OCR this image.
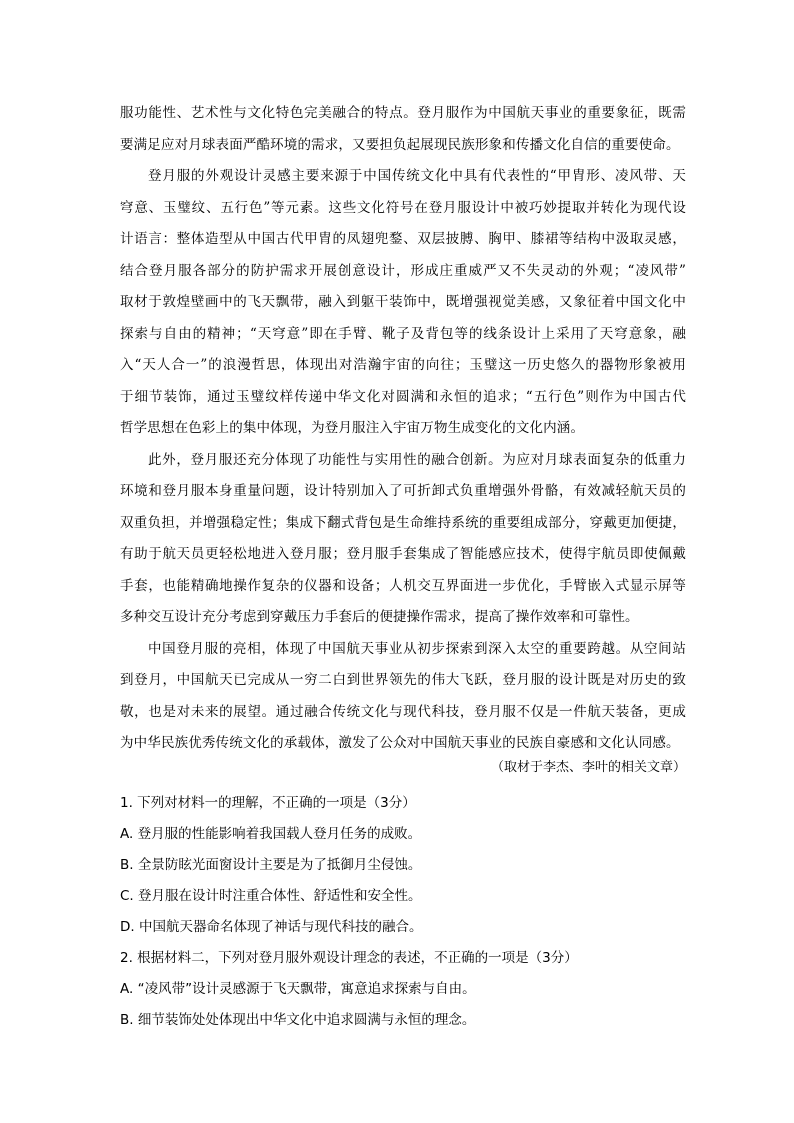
服功能性、艺术性与文化特色完美融合的特点。登月服作为中国航天事业的重要象征，既需
要满足应对月球表面严酷环境的需求，又要担负起展现民族形象和传播文化自信的重要使命。
登月服的外观设计灵感主要来源于中国传统文化中具有代表性的“甲胄形、凌风带、天
穹意、玉璧纹、五行色”等元素。这些文化符号在登月服设计中被巧妙提取并转化为现代设
计语言：整体造型从中国古代甲胄的凤翅兜鍪、双层披膊、胸甲、膝裙等结构中汲取灵感，
结合登月服各部分的防护需求开展创意设计，形成庄重威严又不失灵动的外观；“凌风带”
取材于敦煌壁画中的飞天飘带，融入到躯干装饰中，既增强视觉美感，又象征着中国文化中
探索与自由的精神；“天穹意”即在手臂、靴子及背包等的线条设计上采用了天穹意象，融
入“天人合一”的浪漫哲思，体现出对浩瀚宇宙的向往；玉璧这一历史悠久的器物形象被用
于细节装饰，通过玉璧纹样传递中华文化对圆满和永恒的追求；“五行色”则作为中国古代
哲学思想在色彩上的集中体现，为登月服注入宇宙万物生成变化的文化内涵。
此外，登月服还充分体现了功能性与实用性的融合创新。为应对月球表面复杂的低重力
环境和登月服本身重量问题，设计特别加入了可折卸式负重增强外骨骼，有效减轻航天员的
双重负担，并增强稳定性；集成下翻式背包是生命维持系统的重要组成部分，穿戴更加便捷，
有助于航天员更轻松地进入登月服；登月服手套集成了智能感应技术，使得宇航员即使佩戴
手套，也能精确地操作复杂的仪器和设备；人机交互界面进一步优化，手臂嵌入式显示屏等
多种交互设计充分考虑到穿戴压力手套后的便捷操作需求，提高了操作效率和可靠性。
中国登月服的亮相，体现了中国航天事业从初步探索到深入太空的重要跨越。从空间站
到登月，中国航天已完成从一穷二白到世界领先的伟大飞跃，登月服的设计既是对历史的致
敬，也是对未来的展望。通过融合传统文化与现代科技，登月服不仅是一件航天装备，更成
为中华民族优秀传统文化的承载体，激发了公众对中国航天事业的民族自豪感和文化认同感。
（取材于李杰、李叶的相关文章）
1. 下列对材料一的理解，不正确的一项是（3分）
A. 登月服的性能影响着我国载人登月任务的成败。
B. 全景防眩光面窗设计主要是为了抵御月尘侵蚀。
C. 登月服在设计时注重合体性、舒适性和安全性。
D. 中国航天器命名体现了神话与现代科技的融合。
2. 根据材料二，下列对登月服外观设计理念的表述，不正确的一项是（3分）
A. “凌风带”设计灵感源于飞天飘带，寓意追求探索与自由。
B. 细节装饰处处体现出中华文化中追求圆满与永恒的理念。
